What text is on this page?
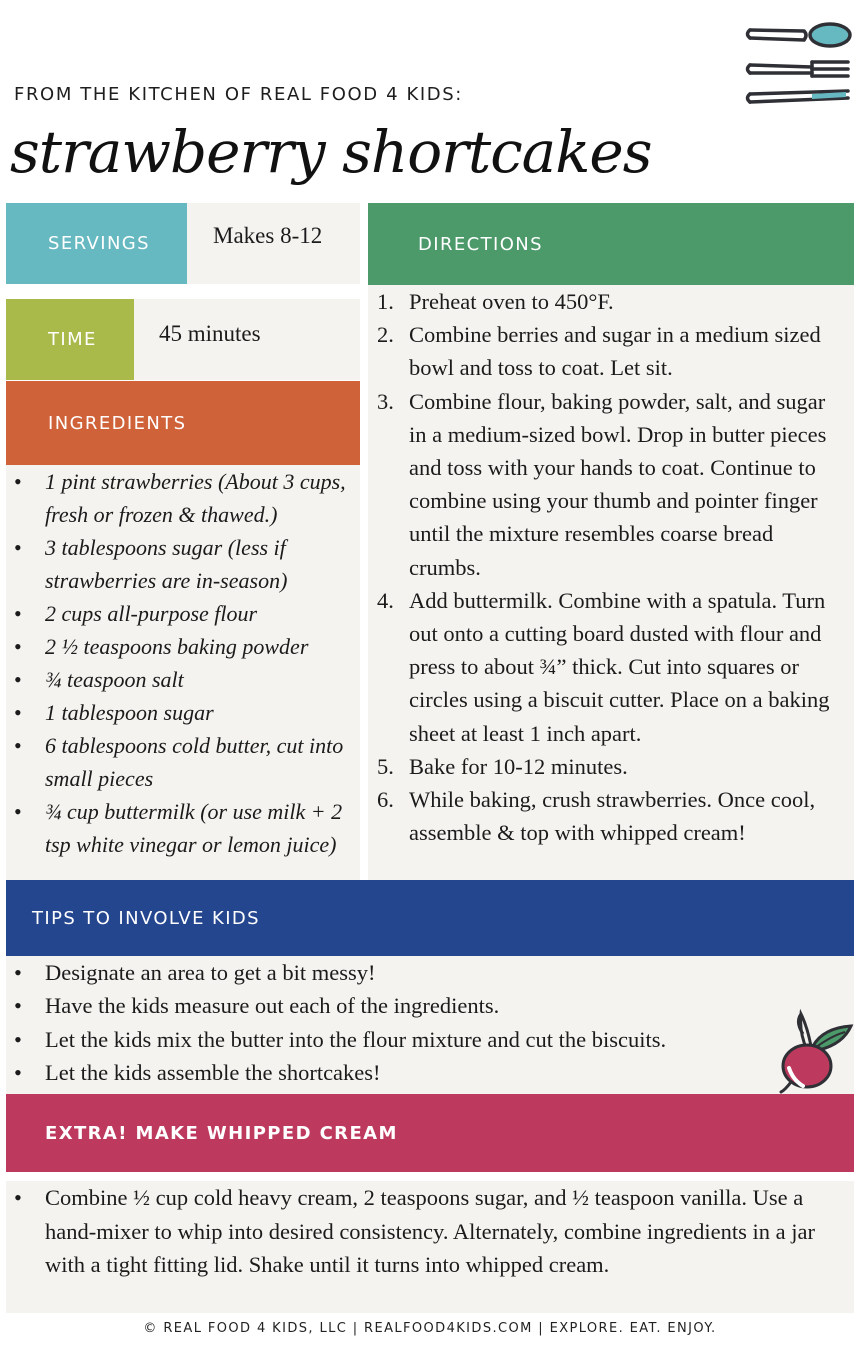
FROM THE KITCHEN OF REAL FOOD 4 KIDS:
strawberry shortcakes
SERVINGS	Makes 8-12
TIME	45 minutes
INGREDIENTS
• 1 pint strawberries (About 3 cups, fresh or frozen & thawed.)
• 3 tablespoons sugar (less if strawberries are in-season)
• 2 cups all-purpose flour
• 2 ½ teaspoons baking powder
• ¾ teaspoon salt
• 1 tablespoon sugar
• 6 tablespoons cold butter, cut into small pieces
• ¾ cup buttermilk (or use milk + 2 tsp white vinegar or lemon juice)
DIRECTIONS
1. Preheat oven to 450°F.
2. Combine berries and sugar in a medium sized bowl and toss to coat. Let sit.
3. Combine flour, baking powder, salt, and sugar in a medium-sized bowl. Drop in butter pieces and toss with your hands to coat. Continue to combine using your thumb and pointer finger until the mixture resembles coarse bread crumbs.
4. Add buttermilk. Combine with a spatula. Turn out onto a cutting board dusted with flour and press to about ¾” thick. Cut into squares or circles using a biscuit cutter. Place on a baking sheet at least 1 inch apart.
5. Bake for 10-12 minutes.
6. While baking, crush strawberries. Once cool, assemble & top with whipped cream!
TIPS TO INVOLVE KIDS
• Designate an area to get a bit messy!
• Have the kids measure out each of the ingredients.
• Let the kids mix the butter into the flour mixture and cut the biscuits.
• Let the kids assemble the shortcakes!
EXTRA! MAKE WHIPPED CREAM
• Combine ½ cup cold heavy cream, 2 teaspoons sugar, and ½ teaspoon vanilla. Use a hand-mixer to whip into desired consistency. Alternately, combine ingredients in a jar with a tight fitting lid. Shake until it turns into whipped cream.
© REAL FOOD 4 KIDS, LLC | REALFOOD4KIDS.COM | EXPLORE. EAT. ENJOY.
